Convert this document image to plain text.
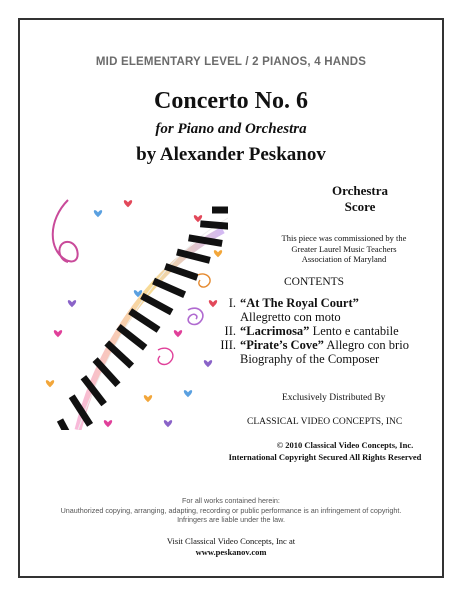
MID ELEMENTARY LEVEL / 2 PIANOS, 4 HANDS
Concerto No. 6
for Piano and Orchestra
by Alexander Peskanov
Orchestra
Score
This piece was commissioned by the
Greater Laurel Music Teachers
Association of Maryland
CONTENTS
I. “At The Royal Court”
Allegretto con moto
II. “Lacrimosa” Lento e cantabile
III. “Pirate’s Cove” Allegro con brio
Biography of the Composer
Exclusively Distributed By
CLASSICAL VIDEO CONCEPTS, INC
© 2010 Classical Video Concepts, Inc.
International Copyright Secured All Rights Reserved
For all works contained herein:
Unauthorized copying, arranging, adapting, recording or public performance is an infringement of copyright.
Infringers are liable under the law.
Visit Classical Video Concepts, Inc at
www.peskanov.com
